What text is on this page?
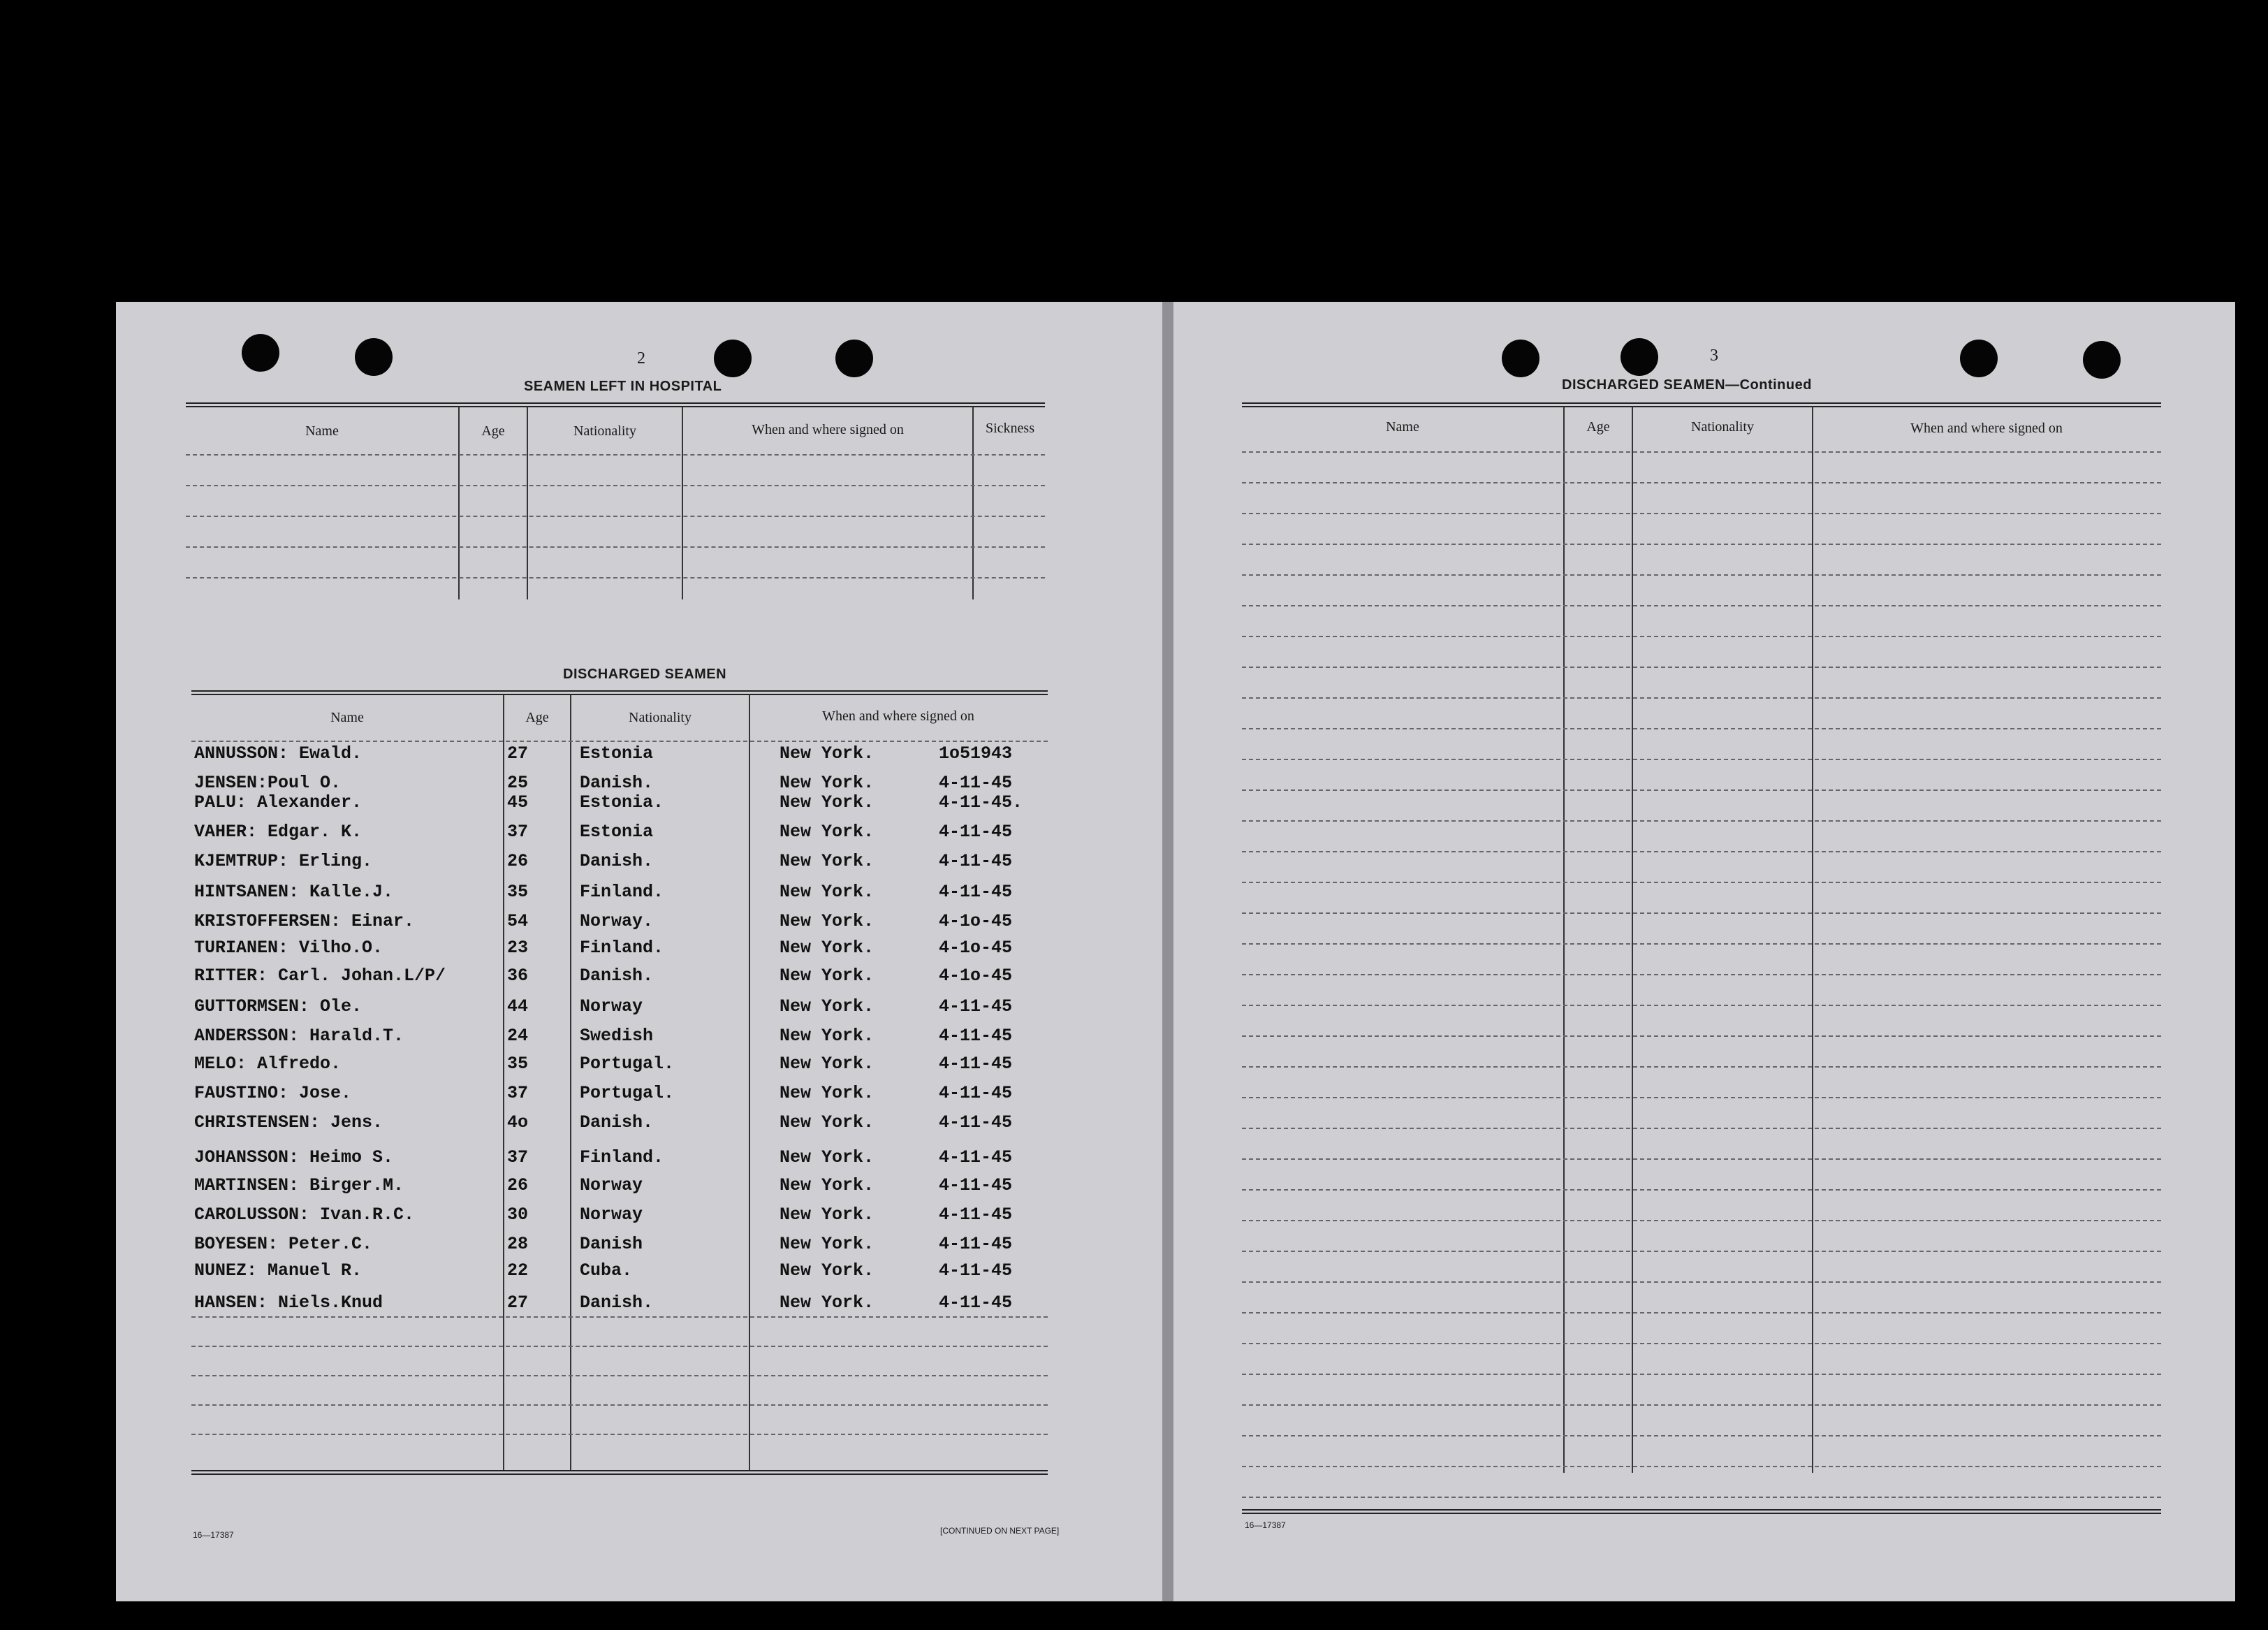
2
SEAMEN LEFT IN HOSPITAL
Name	Age	Nationality	When and where signed on	Sickness
DISCHARGED SEAMEN
Name	Age	Nationality	When and where signed on
ANNUSSON: Ewald.	27	Estonia	New York.	1o51943
JENSEN:Poul O.	25	Danish.	New York.	4-11-45
PALU: Alexander.	45	Estonia.	New York.	4-11-45.
VAHER: Edgar. K.	37	Estonia	New York.	4-11-45
KJEMTRUP: Erling.	26	Danish.	New York.	4-11-45
HINTSANEN: Kalle.J.	35	Finland.	New York.	4-11-45
KRISTOFFERSEN: Einar.	54	Norway.	New York.	4-1o-45
TURIANEN: Vilho.O.	23	Finland.	New York.	4-1o-45
RITTER: Carl. Johan.L/P/	36	Danish.	New York.	4-1o-45
GUTTORMSEN: Ole.	44	Norway	New York.	4-11-45
ANDERSSON: Harald.T.	24	Swedish	New York.	4-11-45
MELO: Alfredo.	35	Portugal.	New York.	4-11-45
FAUSTINO: Jose.	37	Portugal.	New York.	4-11-45
CHRISTENSEN: Jens.	4o	Danish.	New York.	4-11-45
JOHANSSON: Heimo S.	37	Finland.	New York.	4-11-45
MARTINSEN: Birger.M.	26	Norway	New York.	4-11-45
CAROLUSSON: Ivan.R.C.	30	Norway	New York.	4-11-45
BOYESEN: Peter.C.	28	Danish	New York.	4-11-45
NUNEZ: Manuel R.	22	Cuba.	New York.	4-11-45
HANSEN: Niels.Knud	27	Danish.	New York.	4-11-45
16—17387	[CONTINUED ON NEXT PAGE]
3
DISCHARGED SEAMEN—Continued
Name	Age	Nationality	When and where signed on
16—17387
